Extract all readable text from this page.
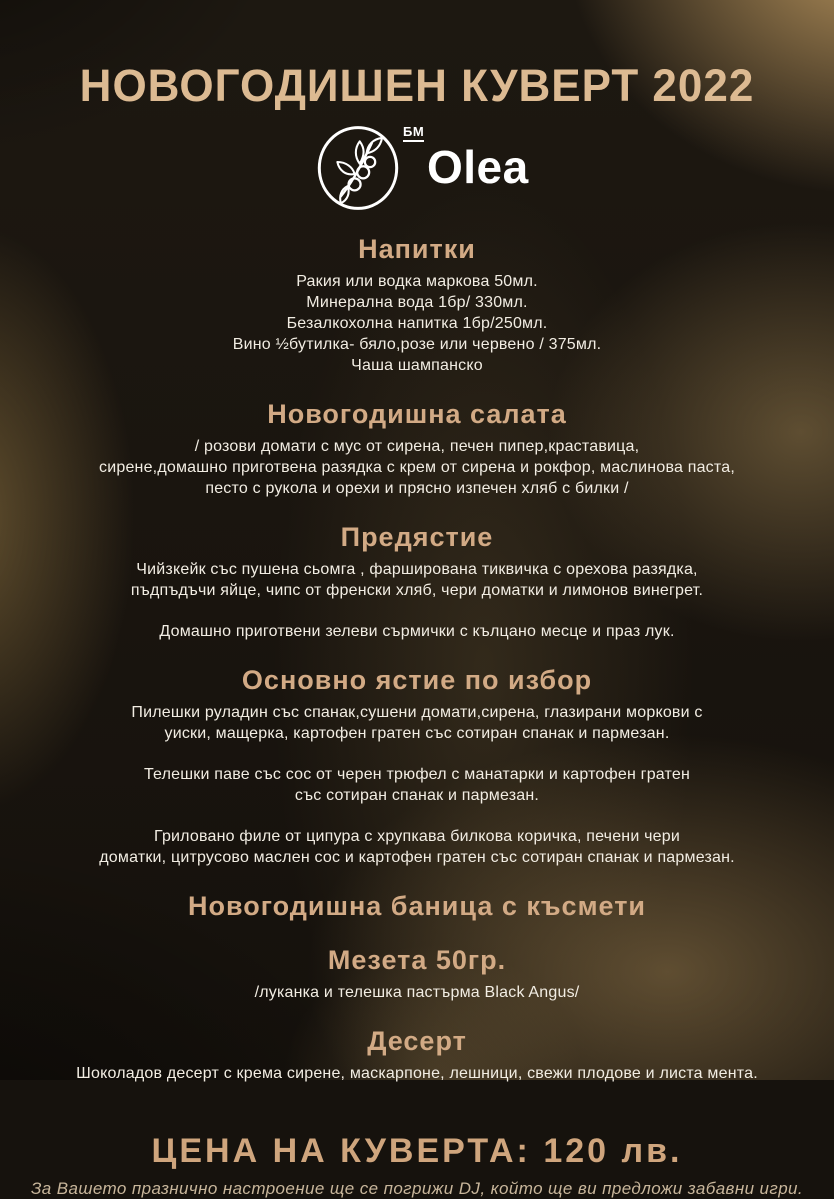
НОВОГОДИШЕН КУВЕРТ 2022
БМ
Olea
Напитки
Ракия или водка маркова 50мл.
Минерална вода 1бр/ 330мл.
Безалкохолна напитка 1бр/250мл.
Вино ½бутилка- бяло,розе или червено / 375мл.
Чаша шампанско
Новогодишна салата
/ розови домати с мус от сирена, печен пипер,краставица,
сирене,домашно приготвена разядка с крем от сирена и рокфор, маслинова паста,
песто с рукола и орехи и прясно изпечен хляб с билки /
Предястие
Чийзкейк със пушена сьомга , фарширована тиквичка с орехова разядка,
пъдпъдъчи яйце, чипс от френски хляб, чери доматки и лимонов винегрет.
Домашно приготвени зелеви сърмички с кълцано месце и праз лук.
Основно ястие по избор
Пилешки руладин със спанак,сушени домати,сирена, глазирани моркови с
уиски, мащерка, картофен гратен със сотиран спанак и пармезан.
Телешки паве със сос от черен трюфел с манатарки и картофен гратен
със сотиран спанак и пармезан.
Гриловано филе от ципура с хрупкава билкова коричка, печени чери
доматки, цитрусово маслен сос и картофен гратен със сотиран спанак и пармезан.
Новогодишна баница с късмети
Мезета 50гр.
/луканка и телешка пастърма Black Angus/
Десерт
Шоколадов десерт с крема сирене, маскарпоне, лешници, свежи плодове и листа мента.
ЦЕНА НА КУВЕРТА: 120 лв.
За Вашето празнично настроение ще се погрижи DJ, който ще ви предложи забавни игри.
